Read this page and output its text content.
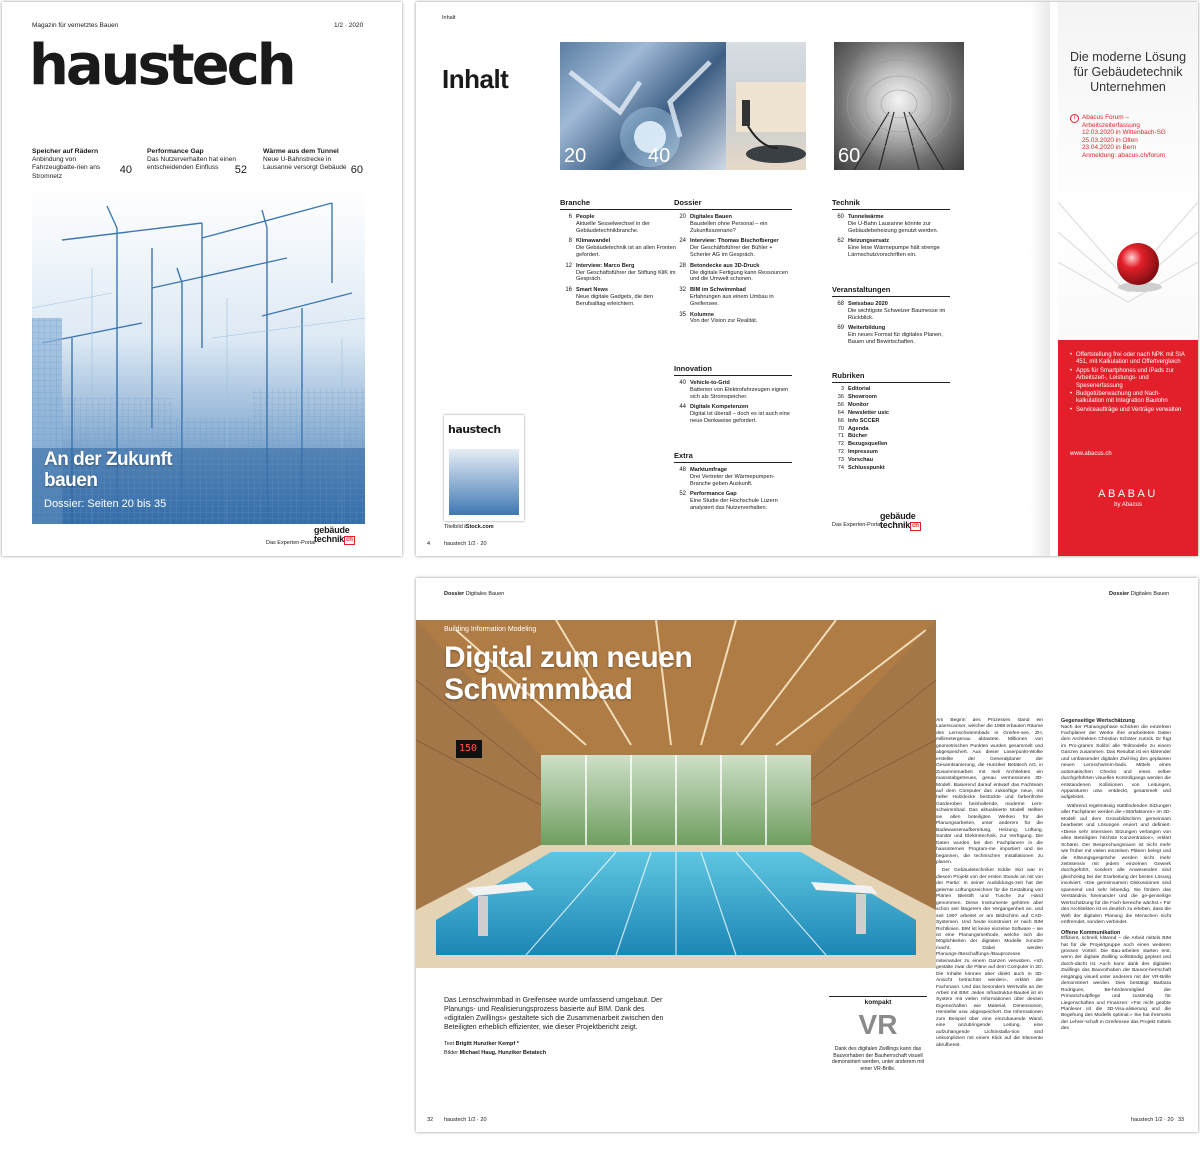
Magazin für vernetztes Bauen	1/2 · 2020
haustech
Speicher auf Rädern
Anbindung von Fahrzeugbatte-rien ans Stromnetz
40
Performance Gap
Das Nutzerverhalten hat einen entscheidenden Einfluss	52
Wärme aus dem Tunnel
Neue U-Bahnstrecke in Lausanne versorgt Gebäude 60
An der Zukunft
bauen
Dossier: Seiten 20 bis 35
Das Experten-Portal
gebäude
technik ch
Inhalt
Inhalt
20	40	60
Branche
6 People
Aktuelle Sesselwechsel in der Gebäudetechnikbranche.
8 Klimawandel
Die Gebäudetechnik ist an allen Fronten gefordert.
12 Interview: Marco Berg
Der Geschäftsführer der Stiftung KliK im Gespräch.
16 Smart News
Neue digitale Gadgets, die den Berufsalltag erleichtern.
Dossier
20 Digitales Bauen
Baustellen ohne Personal – ein Zukunftsszenario?
24 Interview: Thomas Bischofberger
Der Geschäftsführer der Bühler + Scherler AG im Gespräch.
28 Betondecke aus 3D-Druck
Die digitale Fertigung kann Ressourcen und die Umwelt schonen.
32 BIM im Schwimmbad
Erfahrungen aus einem Umbau in Greifensee.
35 Kolumne
Von der Vision zur Realität.
Innovation
40 Vehicle-to-Grid
Batterien von Elektrofahrzeugen eignen sich als Stromspeicher.
44 Digitale Kompetenzen
Digital ist überall – doch es ist auch eine neue Denkweise gefordert.
Extra
48 Marktumfrage
Drei Vertreter der Wärmepumpen-Branche geben Auskunft.
52 Performance Gap
Eine Studie der Hochschule Luzern analysiert das Nutzerverhalten.
Technik
60 Tunnelwärme
Die U-Bahn Lausanne könnte zur Gebäudebeheizung genutzt werden.
62 Heizungsersatz
Eine leise Wärmepumpe hält strenge Lärmschutzvorschriften ein.
Veranstaltungen
68 Swissbau 2020
Die wichtigste Schweizer Baumesse im Rückblick.
69 Weiterbildung
Ein neues Format für digitales Planen, Bauen und Bewirtschaften.
Rubriken
3 Editorial
36 Showroom
56 Monitor
64 Newsletter usic
66 Info SCCER
70 Agenda
71 Bücher
72 Bezugsquellen
72 Impressum
73 Vorschau
74 Schlusspunkt
haustech
Titelbild iStock.com
4	haustech 1/2 · 20
Das Experten-Portal
gebäude
technik ch
Die moderne Lösung für Gebäudetechnik Unternehmen
i	Abacus Forum – Arbeitszeiterfassung
12.03.2020 in Wittenbach-SG
25.03.2020 in Olten
23.04.2020 in Bern
Anmeldung: abacus.ch/forum
• Offertstellung frei oder nach NPK mit SIA 451, mit Kalkulation und Offertvergleich
• Apps für Smartphones und iPads zur Arbeitszeit-, Leistungs- und Spesenerfassung
• Budgetüberwachung und Nach-kalkulation mit Integration Baulohn
• Serviceaufträge und Verträge verwalten
www.abacus.ch
ABABAU
by Abacus
Dossier Digitales Bauen	Dossier Digitales Bauen
150
Building Information Modeling
Digital zum neuen
Schwimmbad
Das Lernschwimmbad in Greifensee wurde umfassend umgebaut. Der Planungs- und Realisierungsprozess basierte auf BIM. Dank des «digitalen Zwillings» gestaltete sich die Zusammenarbeit zwischen den Beteiligten erheblich effizienter, wie dieser Projektbericht zeigt.
Text Brigitt Hunziker Kempf *
Bilder Michael Haug, Hunziker Betatech
kompakt
VR
Dank des digitalen Zwillings kann das Bauvorhaben der Bauherrschaft visuell demonstriert werden, unter anderem mit einer VR-Brille.

Am Beginn des Prozesses stand ein Laserscanner, welcher die 1968 erbauten Räume des Lernschwimmbads in Greifen-see, ZH, millimetergenau abtastete. Millionen von geometrischen Punkten wurden gesammelt und abgespeichert. Aus dieser Laserpunkt-Wolke erstellte der Generalplaner der Gesamtsanierung, die Hunziker Betatech AG, in Zusammenarbeit mit Iseli Architekten ein massstabgetreues, genau vermessenes 3D-Modell. Basierend darauf entwarf das Fachteam auf dem Computer das zukünftige neue, mit heller Holzdecke bestückte und farbenfrohe Garderoben beinhaltende, moderne Lern-schwimmbad. Das aktualisierte Modell stellten sie allen beteiligten Werken für die Planungsarbeiten, unter anderem für die Badewasseraufbereitung, Heizung, Lüftung, Sanitär und Elektrotechnik, zur Verfügung. Die Daten wurden bei den Fachplanern in die hausinternen Program-me importiert und sie begannen, die technischen Installationen zu planen.

Der Gebäudetechniker Eddie Sixt war in diesem Projekt von der ersten Stunde an mit von der Partie: In seiner Ausbildungs-zeit hat der gelernte Lüftungszeichner für die Gestaltung von Plänen Bleistift und Tusche zur Hand genommen. Diese Instrumente gehören aber schon seit längerem der Vergangenheit an, und seit 1997 arbeitet er am Bildschirm auf CAD-Systemen. Und heute konstruiert er nach BIM Richtlinien. BIM ist keine einzelne Software – sie ist eine Planungsmethode, welche sich die Möglichkeiten der digitalen Modelle zunutze macht. Dabei werden Planungs-/Beschaffungs-/Bauprozesse miteinander zu einem Ganzen verwoben. «Ich gestalte zwar die Pläne auf dem Computer in 2D. Die Inhalte können aber direkt auch in 3D-Ansicht betrachtet werden», erklärt der Fachmann. Und das besonders Wertvolle an der Arbeit mit BIM: Jedes Infrastruktur-Bauteil ist im System mit vielen Informationen über dessen Eigenschaften wie Material, Dimensionen, Hersteller usw. abgespeichert. Die Informationen zum Beispiel über eine einzubauende Wand, eine anzubringende Leitung, eine aufzuhängende Lichtinstalla-tion sind unkompliziert mit einem Klick auf die Elemente abrufbereit.

Gegenseitige Wertschätzung

Nach der Planungsphase schicken die einzelnen Fachplaner der Werke ihre erarbeiteten Daten dem Architekten Christian Schärer zurück. Er fügt im Pro-gramm Solibri alle Teilmodelle zu einem Ganzen zusammen. Das Resultat ist ein klärender und umfassender digitaler Zwil-ling des geplanten neuen Lernschwimm-bads. Mittels eines automatischen Checks und eines selber durchgeführten visuellen Kontrollgangs werden die entstandenen Kollisionen von Leitungen, Apparaturen usw. entdeckt, gesammelt und aufgelistet.

Während regelmässig stattfindenden Sitzungen aller Fachplaner werden die «Störfaktoren» im 3D-Modell auf dem Grossbildschirm gemeinsam bearbeitet und Lösungen eruiert und definiert. «Diese sehr intensiven Sitzungen verlangen von allen Beteiligten höchste Konzentration», erklärt Schärer. Der Besprechungsraum ist nicht mehr wie früher mit vielen einzelnen Plänen belegt und die Klärungsgespräche werden nicht mehr zeitintensiv mit jedem einzelnen Gewerk durchgeführt, sondern alle Anwesenden sind gleichzeitig bei der Erarbeitung der besten Lösung involviert. «Die gemeinsamen Diskussionen sind spannend und sehr lebendig. Sie fördern das Verständnis füreinander und die ge-genseitige Wertschätzung für die Fach-bereiche wächst.» Für den Architekten ist es deutlich zu erleben, dass die Welt der digitalen Planung die Menschen nicht entfremdet, sondern verbindet.

Offene Kommunikation

Effizient, schnell, klärend – die Arbeit mittels BIM hat für die Projektgruppe noch einen weiteren grossen Vorteil: Die Bau-arbeiten starten erst, wenn der digitale Zwilling vollständig geplant und durch-dacht ist. Auch kann dank des digitalen Zwillings das Bauvorhaben der Bauvor-herrschaft eingängig visuell unter anderem mit der VR-Brille demonstriert werden. Dies bestätigt Barbara Rodrigues, Be-hördenmitglied der Primarschulpflege und zuständig für Liegenschaften und Finanzen: «Für nicht geübte Planleser ist die 3D-Visu-alisierung und die Begehung des Modells optimal.» Sie hat ihrerseits der Lehrer-schaft in Greifensee das Projekt mittels des

32 haustech 1/2 · 20	haustech 1/2 · 20 33
